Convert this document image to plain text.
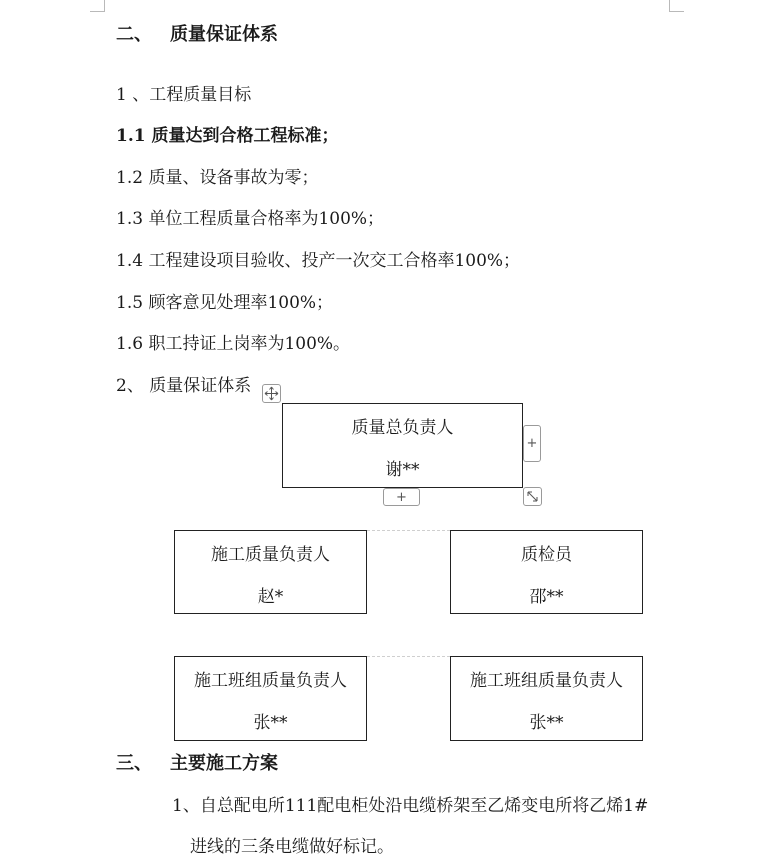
二、 质量保证体系
1 、工程质量目标
1.1 质量达到合格工程标准；
1.2 质量、设备事故为零；
1.3 单位工程质量合格率为100%；
1.4 工程建设项目验收、投产一次交工合格率100%；
1.5 顾客意见处理率100%；
1.6 职工持证上岗率为100%。
2、 质量保证体系
质量总负责人
谢**
+
+
施工质量负责人
赵*
质检员
邵**
施工班组质量负责人
张**
施工班组质量负责人
张**
三、 主要施工方案
1、自总配电所111配电柜处沿电缆桥架至乙烯变电所将乙烯1#
进线的三条电缆做好标记。
